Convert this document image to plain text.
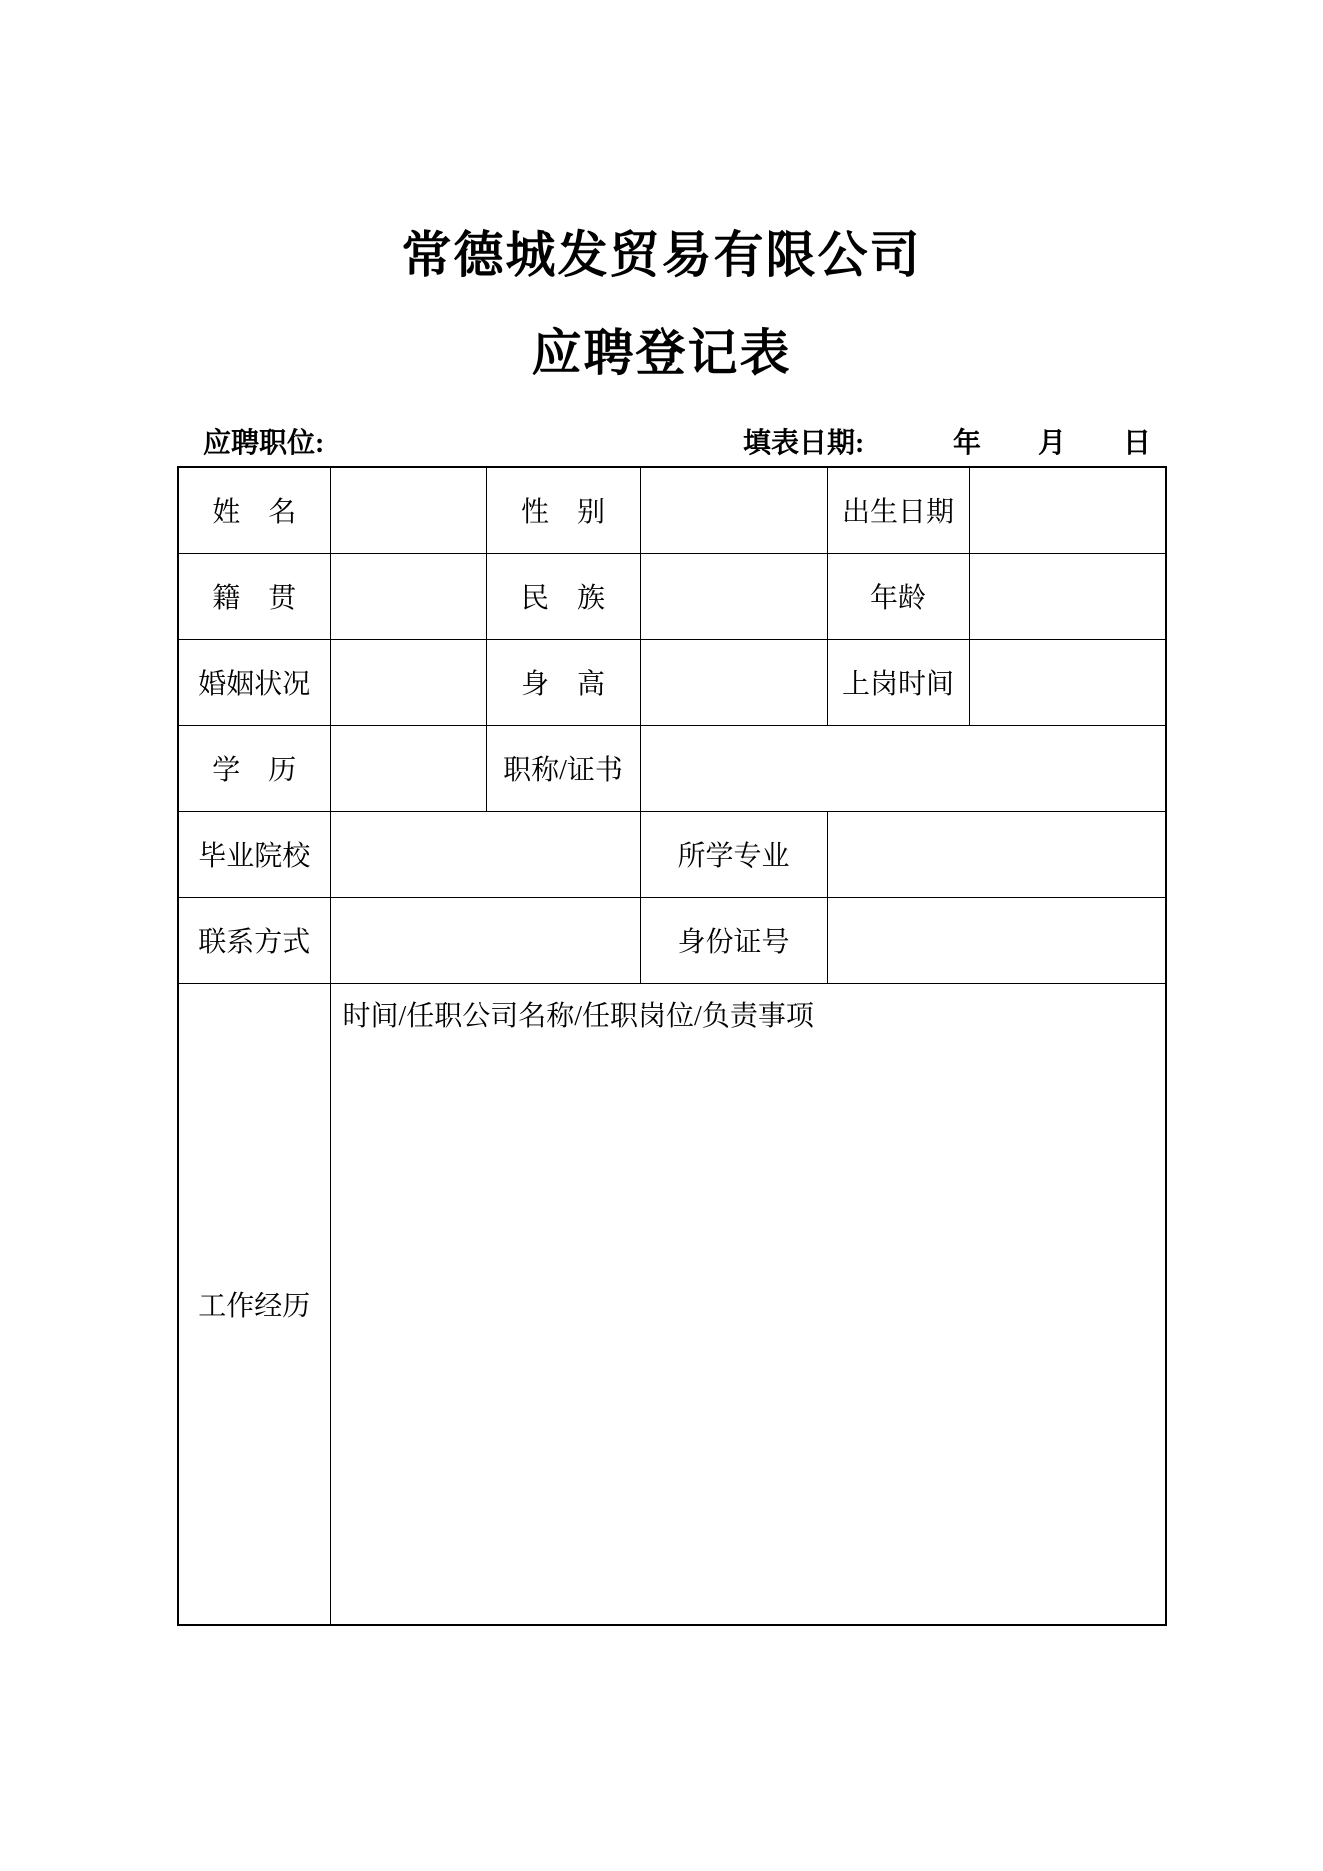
常德城发贸易有限公司
应聘登记表
应聘职位:	填表日期:	年 月 日
姓　名		性　别		出生日期	
籍　贯		民　族		年龄	
婚姻状况		身　高		上岗时间	
学　历		职称/证书			
毕业院校			所学专业		
联系方式			身份证号		
工作经历	时间/任职公司名称/任职岗位/负责事项				
